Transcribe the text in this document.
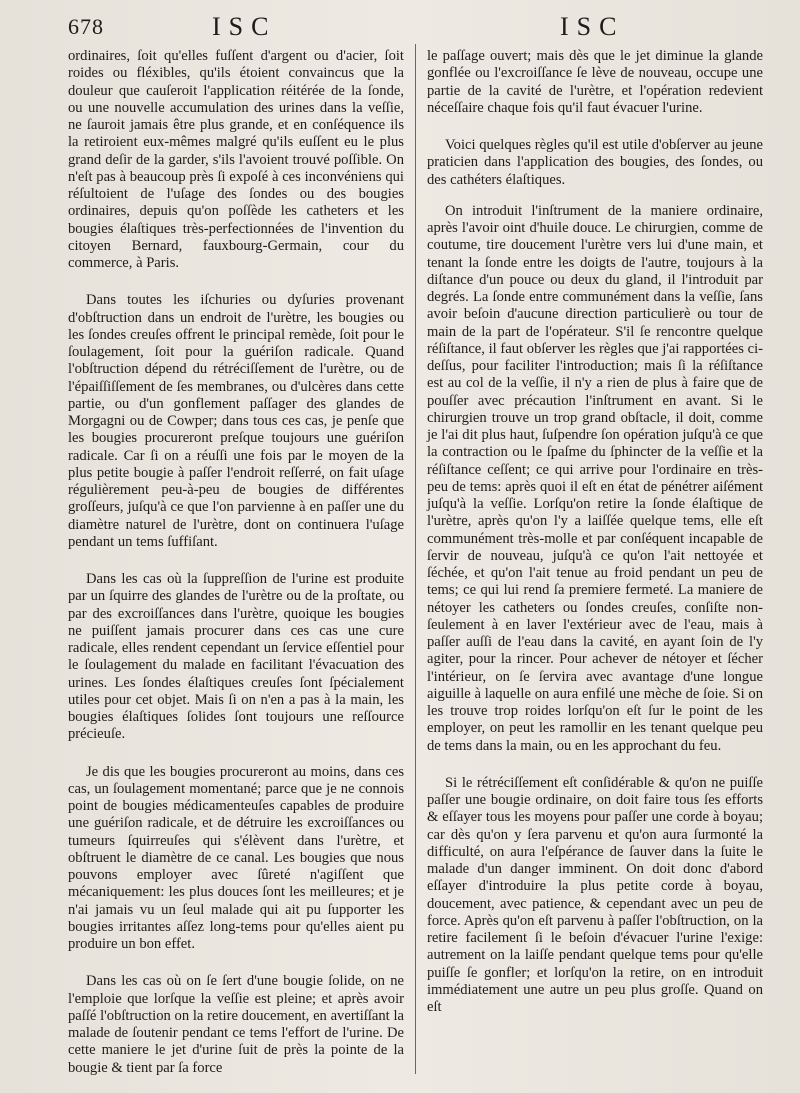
678	ISC	ISC

ordinaires, ſoit qu'elles fuſſent d'argent ou d'acier, ſoit roides ou fléxibles, qu'ils étoient convaincus que la douleur que cauſeroit l'application réitérée de la ſonde, ou une nouvelle accumulation des urines dans la veſſie, ne ſauroit jamais être plus grande, et en conſéquence ils la retiroient eux-mêmes malgré qu'ils euſſent eu le plus grand deſir de la garder, s'ils l'avoient trouvé poſſible. On n'eſt pas à beaucoup près ſi expoſé à ces inconvéniens qui réſultoient de l'uſage des ſondes ou des bougies ordinaires, depuis qu'on poſſède les catheters et les bougies élaſtiques très-perfectionnées de l'invention du citoyen Bernard, fauxbourg-Germain, cour du commerce, à Paris.

Dans toutes les iſchuries ou dyſuries provenant d'obſtruction dans un endroit de l'urètre, les bougies ou les ſondes creuſes offrent le principal remède, ſoit pour le ſoulagement, ſoit pour la guériſon radicale. Quand l'obſtruction dépend du rétréciſſement de l'urètre, ou de l'épaiſſiſſement de ſes membranes, ou d'ulcères dans cette partie, ou d'un gonflement paſſager des glandes de Morgagni ou de Cowper; dans tous ces cas, je penſe que les bougies procureront preſque toujours une guériſon radicale. Car ſi on a réuſſi une fois par le moyen de la plus petite bougie à paſſer l'endroit reſſerré, on fait uſage régulièrement peu-à-peu de bougies de différentes groſſeurs, juſqu'à ce que l'on parvienne à en paſſer une du diamètre naturel de l'urètre, dont on continuera l'uſage pendant un tems ſuffiſant.

Dans les cas où la ſuppreſſion de l'urine est produite par un ſquirre des glandes de l'urètre ou de la proſtate, ou par des excroiſſances dans l'urètre, quoique les bougies ne puiſſent jamais procurer dans ces cas une cure radicale, elles rendent cependant un ſervice eſſentiel pour le ſoulagement du malade en facilitant l'évacuation des urines. Les ſondes élaſtiques creuſes ſont ſpécialement utiles pour cet objet. Mais ſi on n'en a pas à la main, les bougies élaſtiques ſolides ſont toujours une reſſource précieuſe.

Je dis que les bougies procureront au moins, dans ces cas, un ſoulagement momentané; parce que je ne connois point de bougies médicamenteuſes capables de produire une guériſon radicale, et de détruire les excroiſſances ou tumeurs ſquirreuſes qui s'élèvent dans l'urètre, et obſtruent le diamètre de ce canal. Les bougies que nous pouvons employer avec ſûreté n'agiſſent que mécaniquement: les plus douces ſont les meilleures; et je n'ai jamais vu un ſeul malade qui ait pu ſupporter les bougies irritantes aſſez long-tems pour qu'elles aient pu produire un bon effet.

Dans les cas où on ſe ſert d'une bougie ſolide, on ne l'emploie que lorſque la veſſie est pleine; et après avoir paſſé l'obſtruction on la retire doucement, en avertiſſant la malade de ſoutenir pendant ce tems l'effort de l'urine. De cette maniere le jet d'urine ſuit de près la pointe de la bougie & tient par ſa force

le paſſage ouvert; mais dès que le jet diminue la glande gonflée ou l'excroiſſance ſe lève de nouveau, occupe une partie de la cavité de l'urètre, et l'opération redevient néceſſaire chaque fois qu'il faut évacuer l'urine.

Voici quelques règles qu'il est utile d'obſerver au jeune praticien dans l'application des bougies, des ſondes, ou des cathéters élaſtiques.

On introduit l'inſtrument de la maniere ordinaire, après l'avoir oint d'huile douce. Le chirurgien, comme de coutume, tire doucement l'urètre vers lui d'une main, et tenant la ſonde entre les doigts de l'autre, toujours à la diſtance d'un pouce ou deux du gland, il l'introduit par degrés. La ſonde entre communément dans la veſſie, ſans avoir beſoin d'aucune direction particulierè ou tour de main de la part de l'opérateur. S'il ſe rencontre quelque réſiſtance, il faut obſerver les règles que j'ai rapportées ci-deſſus, pour faciliter l'introduction; mais ſi la réſiſtance est au col de la veſſie, il n'y a rien de plus à faire que de pouſſer avec précaution l'inſtrument en avant. Si le chirurgien trouve un trop grand obſtacle, il doit, comme je l'ai dit plus haut, ſuſpendre ſon opération juſqu'à ce que la contraction ou le ſpaſme du ſphincter de la veſſie et la réſiſtance ceſſent; ce qui arrive pour l'ordinaire en très-peu de tems: après quoi il eſt en état de pénétrer aiſément juſqu'à la veſſie. Lorſqu'on retire la ſonde élaſtique de l'urètre, après qu'on l'y a laiſſée quelque tems, elle eſt communément très-molle et par conſéquent incapable de ſervir de nouveau, juſqu'à ce qu'on l'ait nettoyée et ſéchée, et qu'on l'ait tenue au froid pendant un peu de tems; ce qui lui rend ſa premiere fermeté. La maniere de nétoyer les catheters ou ſondes creuſes, conſiſte non-ſeulement à en laver l'extérieur avec de l'eau, mais à paſſer auſſi de l'eau dans la cavité, en ayant ſoin de l'y agiter, pour la rincer. Pour achever de nétoyer et ſécher l'intérieur, on ſe ſervira avec avantage d'une longue aiguille à laquelle on aura enfilé une mèche de ſoie. Si on les trouve trop roides lorſqu'on eſt ſur le point de les employer, on peut les ramollir en les tenant quelque peu de tems dans la main, ou en les approchant du feu.

Si le rétréciſſement eſt conſidérable & qu'on ne puiſſe paſſer une bougie ordinaire, on doit faire tous ſes efforts & eſſayer tous les moyens pour paſſer une corde à boyau; car dès qu'on y ſera parvenu et qu'on aura ſurmonté la difficulté, on aura l'eſpérance de ſauver dans la ſuite le malade d'un danger imminent. On doit donc d'abord eſſayer d'introduire la plus petite corde à boyau, doucement, avec patience, & cependant avec un peu de force. Après qu'on eſt parvenu à paſſer l'obſtruction, on la retire facilement ſi le beſoin d'évacuer l'urine l'exige: autrement on la laiſſe pendant quelque tems pour qu'elle puiſſe ſe gonfler; et lorſqu'on la retire, on en introduit immédiatement une autre un peu plus groſſe. Quand on eſt
